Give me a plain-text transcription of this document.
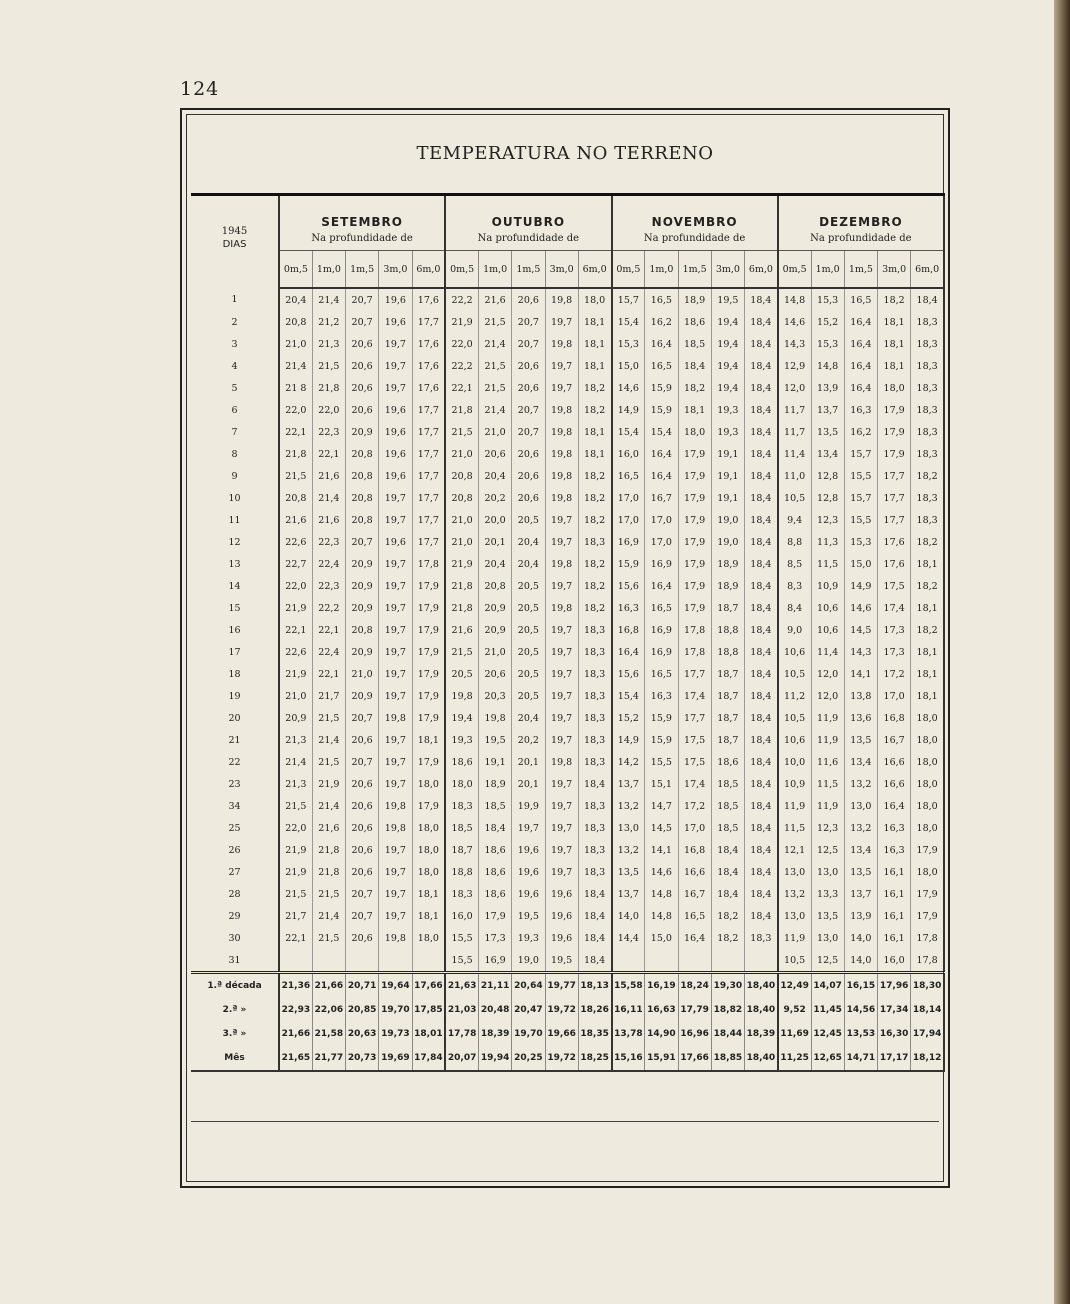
124
TEMPERATURA NO TERRENO
1945
DIAS	SETEMBRO
Na profundidade de					OUTUBRO
Na profundidade de					NOVEMBRO
Na profundidade de					DEZEMBRO
Na profundidade de				

	0m,5	1m,0	1m,5	3m,0	6m,0	0m,5	1m,0	1m,5	3m,0	6m,0	0m,5	1m,0	1m,5	3m,0	6m,0	0m,5	1m,0	1m,5	3m,0	6m,0
1	20,4	21,4	20,7	19,6	17,6	22,2	21,6	20,6	19,8	18,0	15,7	16,5	18,9	19,5	18,4	14,8	15,3	16,5	18,2	18,4
2	20,8	21,2	20,7	19,6	17,7	21,9	21,5	20,7	19,7	18,1	15,4	16,2	18,6	19,4	18,4	14,6	15,2	16,4	18,1	18,3
3	21,0	21,3	20,6	19,7	17,6	22,0	21,4	20,7	19,8	18,1	15,3	16,4	18,5	19,4	18,4	14,3	15,3	16,4	18,1	18,3
4	21,4	21,5	20,6	19,7	17,6	22,2	21,5	20,6	19,7	18,1	15,0	16,5	18,4	19,4	18,4	12,9	14,8	16,4	18,1	18,3
5	21 8	21,8	20,6	19,7	17,6	22,1	21,5	20,6	19,7	18,2	14,6	15,9	18,2	19,4	18,4	12,0	13,9	16,4	18,0	18,3
6	22,0	22,0	20,6	19,6	17,7	21,8	21,4	20,7	19,8	18,2	14,9	15,9	18,1	19,3	18,4	11,7	13,7	16,3	17,9	18,3
7	22,1	22,3	20,9	19,6	17,7	21,5	21,0	20,7	19,8	18,1	15,4	15,4	18,0	19,3	18,4	11,7	13,5	16,2	17,9	18,3
8	21,8	22,1	20,8	19,6	17,7	21,0	20,6	20,6	19,8	18,1	16,0	16,4	17,9	19,1	18,4	11,4	13,4	15,7	17,9	18,3
9	21,5	21,6	20,8	19,6	17,7	20,8	20,4	20,6	19,8	18,2	16,5	16,4	17,9	19,1	18,4	11,0	12,8	15,5	17,7	18,2
10	20,8	21,4	20,8	19,7	17,7	20,8	20,2	20,6	19,8	18,2	17,0	16,7	17,9	19,1	18,4	10,5	12,8	15,7	17,7	18,3
11	21,6	21,6	20,8	19,7	17,7	21,0	20,0	20,5	19,7	18,2	17,0	17,0	17,9	19,0	18,4	9,4	12,3	15,5	17,7	18,3
12	22,6	22,3	20,7	19,6	17,7	21,0	20,1	20,4	19,7	18,3	16,9	17,0	17,9	19,0	18,4	8,8	11,3	15,3	17,6	18,2
13	22,7	22,4	20,9	19,7	17,8	21,9	20,4	20,4	19,8	18,2	15,9	16,9	17,9	18,9	18,4	8,5	11,5	15,0	17,6	18,1
14	22,0	22,3	20,9	19,7	17,9	21,8	20,8	20,5	19,7	18,2	15,6	16,4	17,9	18,9	18,4	8,3	10,9	14,9	17,5	18,2
15	21,9	22,2	20,9	19,7	17,9	21,8	20,9	20,5	19,8	18,2	16,3	16,5	17,9	18,7	18,4	8,4	10,6	14,6	17,4	18,1
16	22,1	22,1	20,8	19,7	17,9	21,6	20,9	20,5	19,7	18,3	16,8	16,9	17,8	18,8	18,4	9,0	10,6	14,5	17,3	18,2
17	22,6	22,4	20,9	19,7	17,9	21,5	21,0	20,5	19,7	18,3	16,4	16,9	17,8	18,8	18,4	10,6	11,4	14,3	17,3	18,1
18	21,9	22,1	21,0	19,7	17,9	20,5	20,6	20,5	19,7	18,3	15,6	16,5	17,7	18,7	18,4	10,5	12,0	14,1	17,2	18,1
19	21,0	21,7	20,9	19,7	17,9	19,8	20,3	20,5	19,7	18,3	15,4	16,3	17,4	18,7	18,4	11,2	12,0	13,8	17,0	18,1
20	20,9	21,5	20,7	19,8	17,9	19,4	19,8	20,4	19,7	18,3	15,2	15,9	17,7	18,7	18,4	10,5	11,9	13,6	16,8	18,0
21	21,3	21,4	20,6	19,7	18,1	19,3	19,5	20,2	19,7	18,3	14,9	15,9	17,5	18,7	18,4	10,6	11,9	13,5	16,7	18,0
22	21,4	21,5	20,7	19,7	17,9	18,6	19,1	20,1	19,8	18,3	14,2	15,5	17,5	18,6	18,4	10,0	11,6	13,4	16,6	18,0
23	21,3	21,9	20,6	19,7	18,0	18,0	18,9	20,1	19,7	18,4	13,7	15,1	17,4	18,5	18,4	10,9	11,5	13,2	16,6	18,0
34	21,5	21,4	20,6	19,8	17,9	18,3	18,5	19,9	19,7	18,3	13,2	14,7	17,2	18,5	18,4	11,9	11,9	13,0	16,4	18,0
25	22,0	21,6	20,6	19,8	18,0	18,5	18,4	19,7	19,7	18,3	13,0	14,5	17,0	18,5	18,4	11,5	12,3	13,2	16,3	18,0
26	21,9	21,8	20,6	19,7	18,0	18,7	18,6	19,6	19,7	18,3	13,2	14,1	16,8	18,4	18,4	12,1	12,5	13,4	16,3	17,9
27	21,9	21,8	20,6	19,7	18,0	18,8	18,6	19,6	19,7	18,3	13,5	14,6	16,6	18,4	18,4	13,0	13,0	13,5	16,1	18,0
28	21,5	21,5	20,7	19,7	18,1	18,3	18,6	19,6	19,6	18,4	13,7	14,8	16,7	18,4	18,4	13,2	13,3	13,7	16,1	17,9
29	21,7	21,4	20,7	19,7	18,1	16,0	17,9	19,5	19,6	18,4	14,0	14,8	16,5	18,2	18,4	13,0	13,5	13,9	16,1	17,9
30	22,1	21,5	20,6	19,8	18,0	15,5	17,3	19,3	19,6	18,4	14,4	15,0	16,4	18,2	18,3	11,9	13,0	14,0	16,1	17,8
31						15,5	16,9	19,0	19,5	18,4						10,5	12,5	14,0	16,0	17,8
1.ª década	21,36	21,66	20,71	19,64	17,66	21,63	21,11	20,64	19,77	18,13	15,58	16,19	18,24	19,30	18,40	12,49	14,07	16,15	17,96	18,30
2.ª »	22,93	22,06	20,85	19,70	17,85	21,03	20,48	20,47	19,72	18,26	16,11	16,63	17,79	18,82	18,40	9,52	11,45	14,56	17,34	18,14
3.ª »	21,66	21,58	20,63	19,73	18,01	17,78	18,39	19,70	19,66	18,35	13,78	14,90	16,96	18,44	18,39	11,69	12,45	13,53	16,30	17,94
Mês	21,65	21,77	20,73	19,69	17,84	20,07	19,94	20,25	19,72	18,25	15,16	15,91	17,66	18,85	18,40	11,25	12,65	14,71	17,17	18,12
